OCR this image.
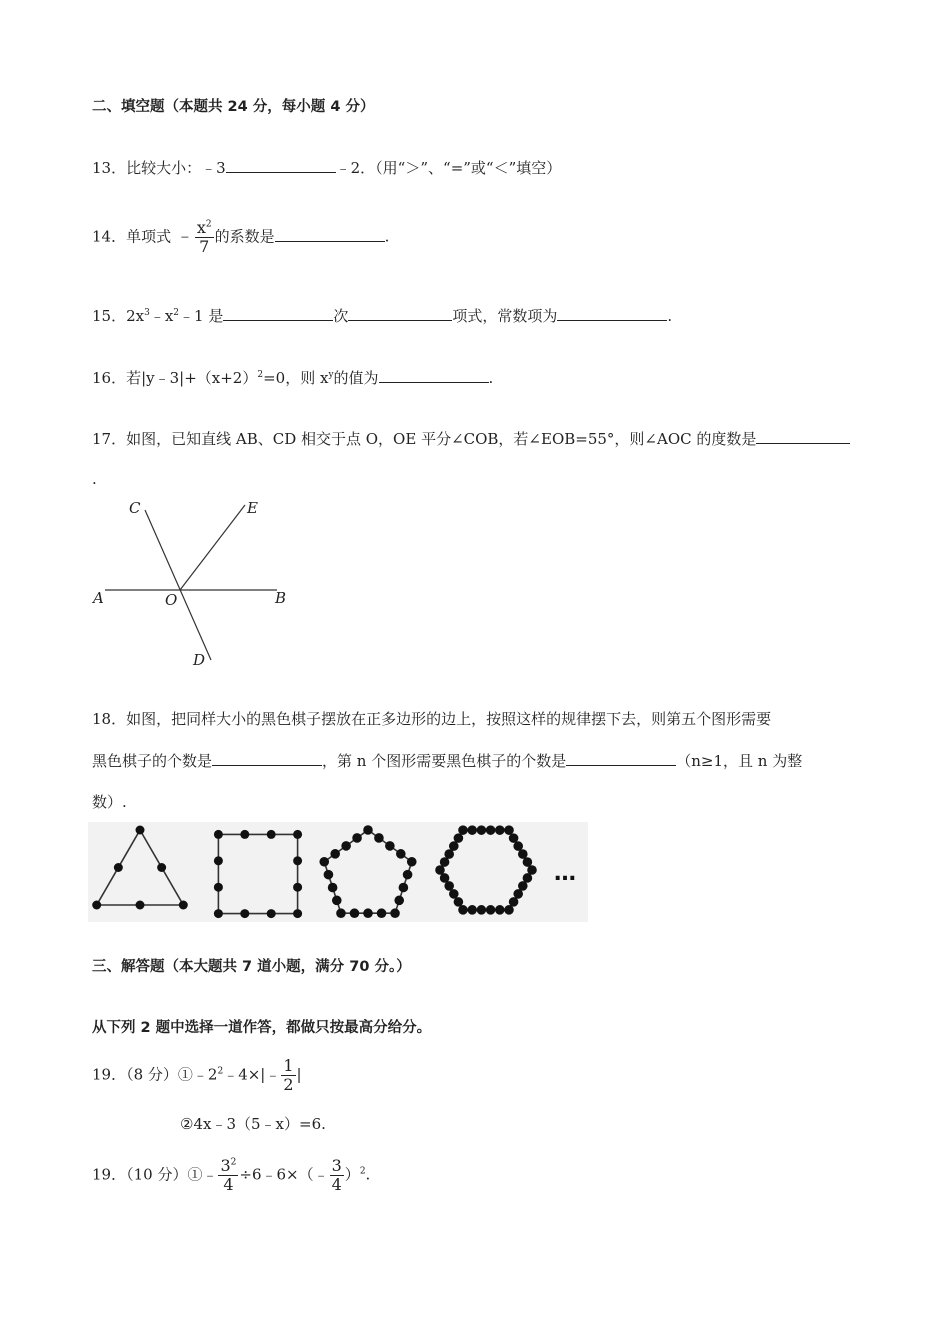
二、填空题（本题共 24 分，每小题 4 分）
13．比较大小：﹣3	﹣2．（用“＞”、“=”或“＜”填空）
14．单项式 ﹣ $\frac{x^2}{7}$ 的系数是	.
15．$2x^3﹣x^2﹣1$ 是	次	项式，常数项为	.
16．若$|y﹣3|+(x+2)^2=0$，则 $x^y$的值为	.
17．如图，已知直线 AB、CD 相交于点 O，OE 平分∠COB，若∠EOB=55°，则∠AOC 的度数是
.
A	B
C
D
E
O
18．如图，把同样大小的黑色棋子摆放在正多边形的边上，按照这样的规律摆下去，则第五个图形需要
黑色棋子的个数是	，第 n 个图形需要黑色棋子的个数是	（n≥1，且 n 为整
数）.
…
三、解答题（本大题共 7 道小题，满分 70 分。）
从下列 2 题中选择一道作答，都做只按最高分给分。
19．（8 分）$①﹣2^2﹣4\times|﹣ \frac{1}{2}$ |
②4x﹣3（5﹣x）=6.
19．（10 分）①﹣ $\frac{3^2}{4}$ ÷6﹣6×（﹣ $\frac{3}{4} )^2$.
